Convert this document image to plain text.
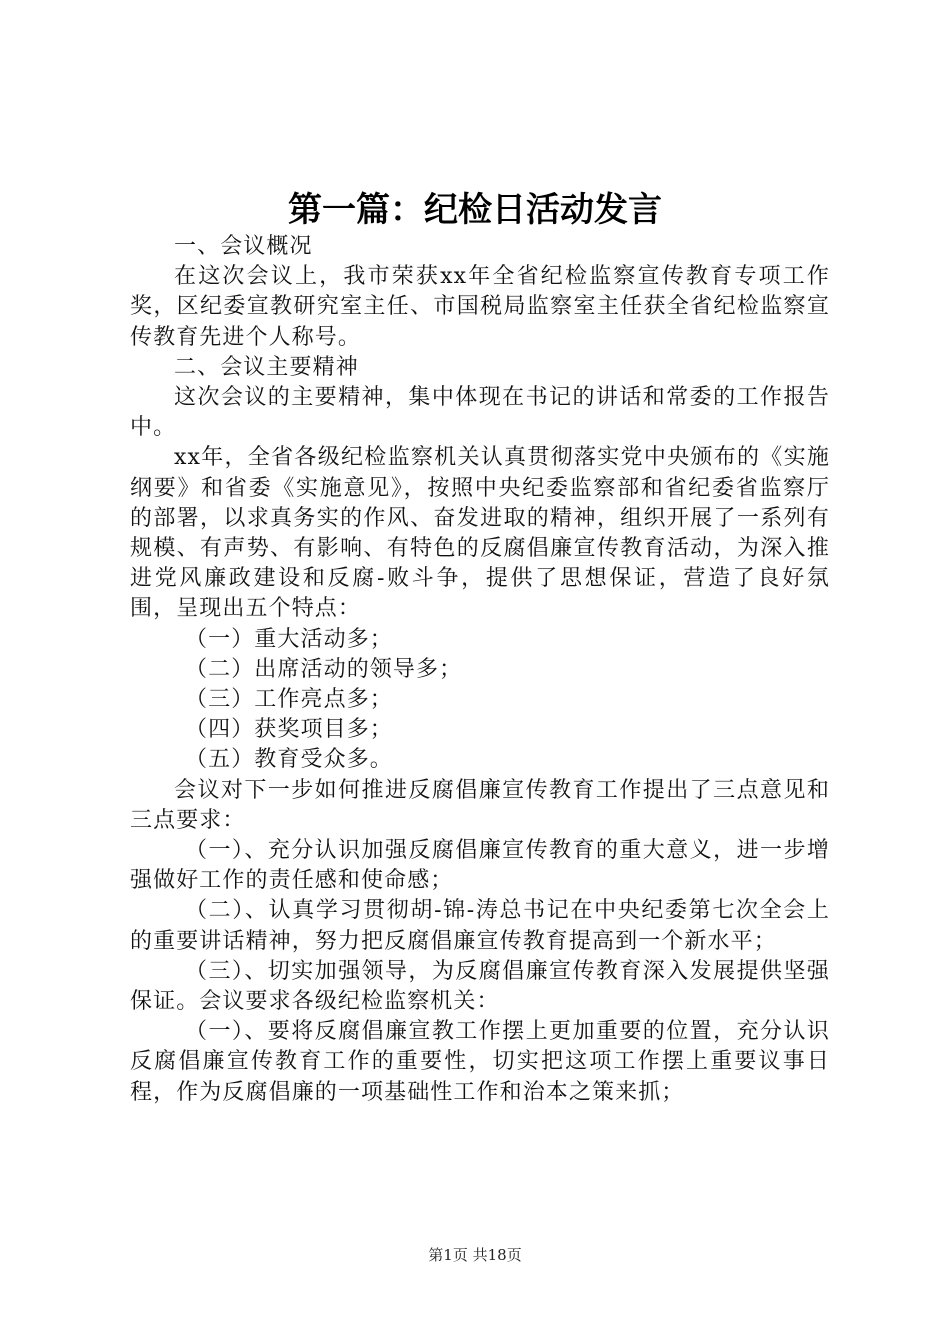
第一篇：纪检日活动发言

一、会议概况

在这次会议上，我市荣获xx年全省纪检监察宣传教育专项工作奖，区纪委宣教研究室主任、市国税局监察室主任获全省纪检监察宣传教育先进个人称号。

二、会议主要精神

这次会议的主要精神，集中体现在书记的讲话和常委的工作报告中。

xx年，全省各级纪检监察机关认真贯彻落实党中央颁布的《实施纲要》和省委《实施意见》，按照中央纪委监察部和省纪委省监察厅的部署，以求真务实的作风、奋发进取的精神，组织开展了一系列有规模、有声势、有影响、有特色的反腐倡廉宣传教育活动，为深入推进党风廉政建设和反腐-败斗争，提供了思想保证，营造了良好氛围，呈现出五个特点：

（一）重大活动多；

（二）出席活动的领导多；

（三）工作亮点多；

（四）获奖项目多；

（五）教育受众多。

会议对下一步如何推进反腐倡廉宣传教育工作提出了三点意见和三点要求：

（一）、充分认识加强反腐倡廉宣传教育的重大意义，进一步增强做好工作的责任感和使命感；

（二）、认真学习贯彻胡-锦-涛总书记在中央纪委第七次全会上的重要讲话精神，努力把反腐倡廉宣传教育提高到一个新水平；

（三）、切实加强领导，为反腐倡廉宣传教育深入发展提供坚强保证。会议要求各级纪检监察机关：

（一）、要将反腐倡廉宣教工作摆上更加重要的位置，充分认识反腐倡廉宣传教育工作的重要性，切实把这项工作摆上重要议事日程，作为反腐倡廉的一项基础性工作和治本之策来抓；

第1页 共18页
